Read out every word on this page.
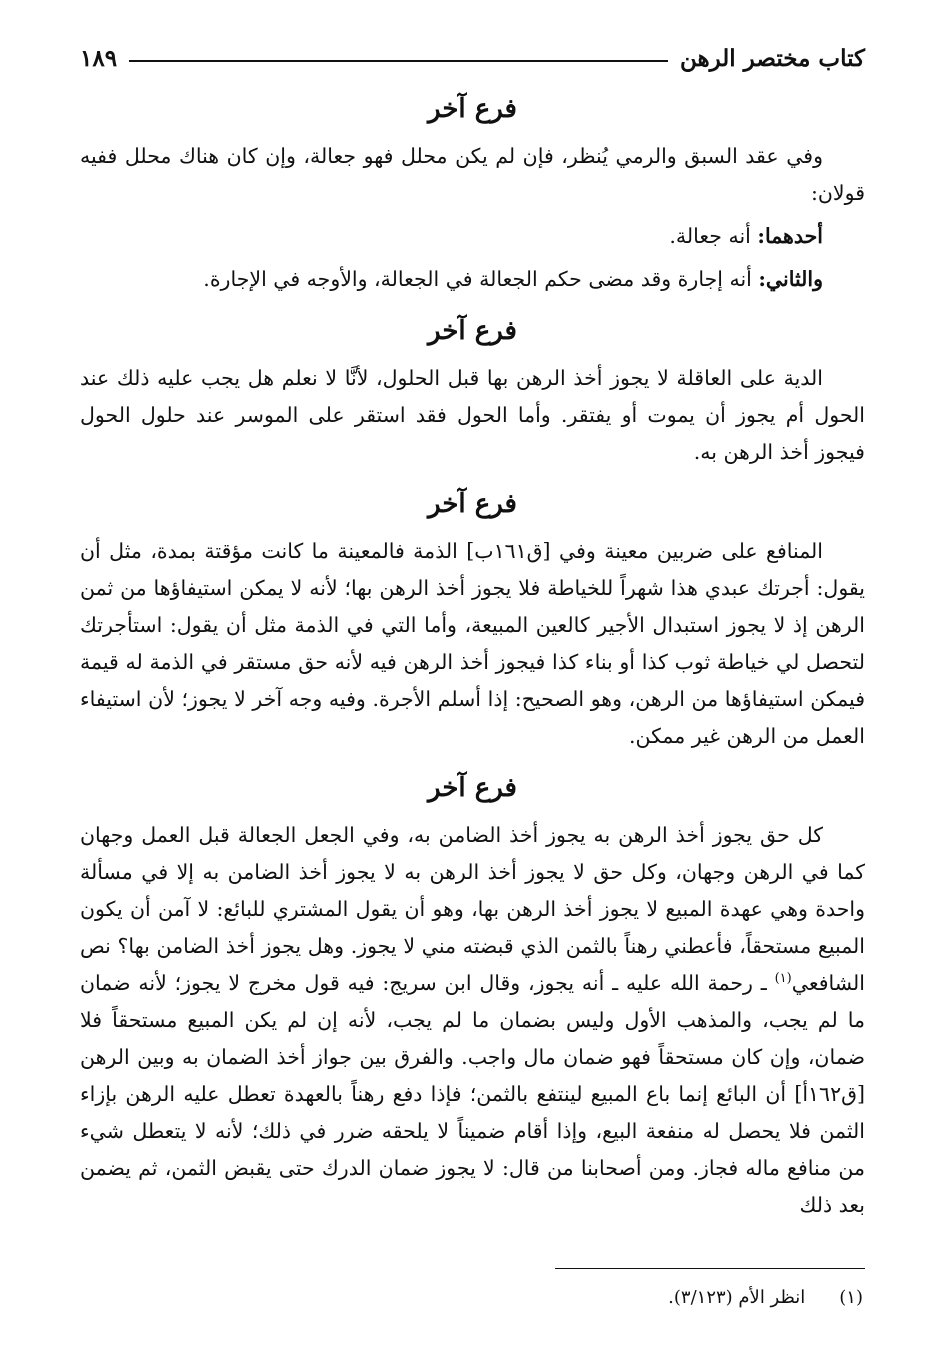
كتاب مختصر الرهن
١٨٩
فرع آخر

وفي عقد السبق والرمي يُنظر، فإن لم يكن محلل فهو جعالة، وإن كان هناك محلل ففيه قولان:

أحدهما: أنه جعالة.

والثاني: أنه إجارة وقد مضى حكم الجعالة في الجعالة، والأوجه في الإجارة.

فرع آخر

الدية على العاقلة لا يجوز أخذ الرهن بها قبل الحلول، لأنَّا لا نعلم هل يجب عليه ذلك عند الحول أم يجوز أن يموت أو يفتقر. وأما الحول فقد استقر على الموسر عند حلول الحول فيجوز أخذ الرهن به.

فرع آخر

المنافع على ضربين معينة وفي [ق١٦١ب] الذمة فالمعينة ما كانت مؤقتة بمدة، مثل أن يقول: أجرتك عبدي هذا شهراً للخياطة فلا يجوز أخذ الرهن بها؛ لأنه لا يمكن استيفاؤها من ثمن الرهن إذ لا يجوز استبدال الأجير كالعين المبيعة، وأما التي في الذمة مثل أن يقول: استأجرتك لتحصل لي خياطة ثوب كذا أو بناء كذا فيجوز أخذ الرهن فيه لأنه حق مستقر في الذمة له قيمة فيمكن استيفاؤها من الرهن، وهو الصحيح: إذا أسلم الأجرة. وفيه وجه آخر لا يجوز؛ لأن استيفاء العمل من الرهن غير ممكن.

فرع آخر

كل حق يجوز أخذ الرهن به يجوز أخذ الضامن به، وفي الجعل الجعالة قبل العمل وجهان كما في الرهن وجهان، وكل حق لا يجوز أخذ الرهن به لا يجوز أخذ الضامن به إلا في مسألة واحدة وهي عهدة المبيع لا يجوز أخذ الرهن بها، وهو أن يقول المشتري للبائع: لا آمن أن يكون المبيع مستحقاً، فأعطني رهناً بالثمن الذي قبضته مني لا يجوز. وهل يجوز أخذ الضامن بها؟ نص الشافعي$^{(١)}$ ـ رحمة الله عليه ـ أنه يجوز، وقال ابن سريج: فيه قول مخرج لا يجوز؛ لأنه ضمان ما لم يجب، والمذهب الأول وليس بضمان ما لم يجب، لأنه إن لم يكن المبيع مستحقاً فلا ضمان، وإن كان مستحقاً فهو ضمان مال واجب. والفرق بين جواز أخذ الضمان به وبين الرهن [ق١٦٢أ] أن البائع إنما باع المبيع لينتفع بالثمن؛ فإذا دفع رهناً بالعهدة تعطل عليه الرهن بإزاء الثمن فلا يحصل له منفعة البيع، وإذا أقام ضميناً لا يلحقه ضرر في ذلك؛ لأنه لا يتعطل شيء من منافع ماله فجاز. ومن أصحابنا من قال: لا يجوز ضمان الدرك حتى يقبض الثمن، ثم يضمن بعد ذلك

(١)
انظر الأم (٣/١٢٣).
